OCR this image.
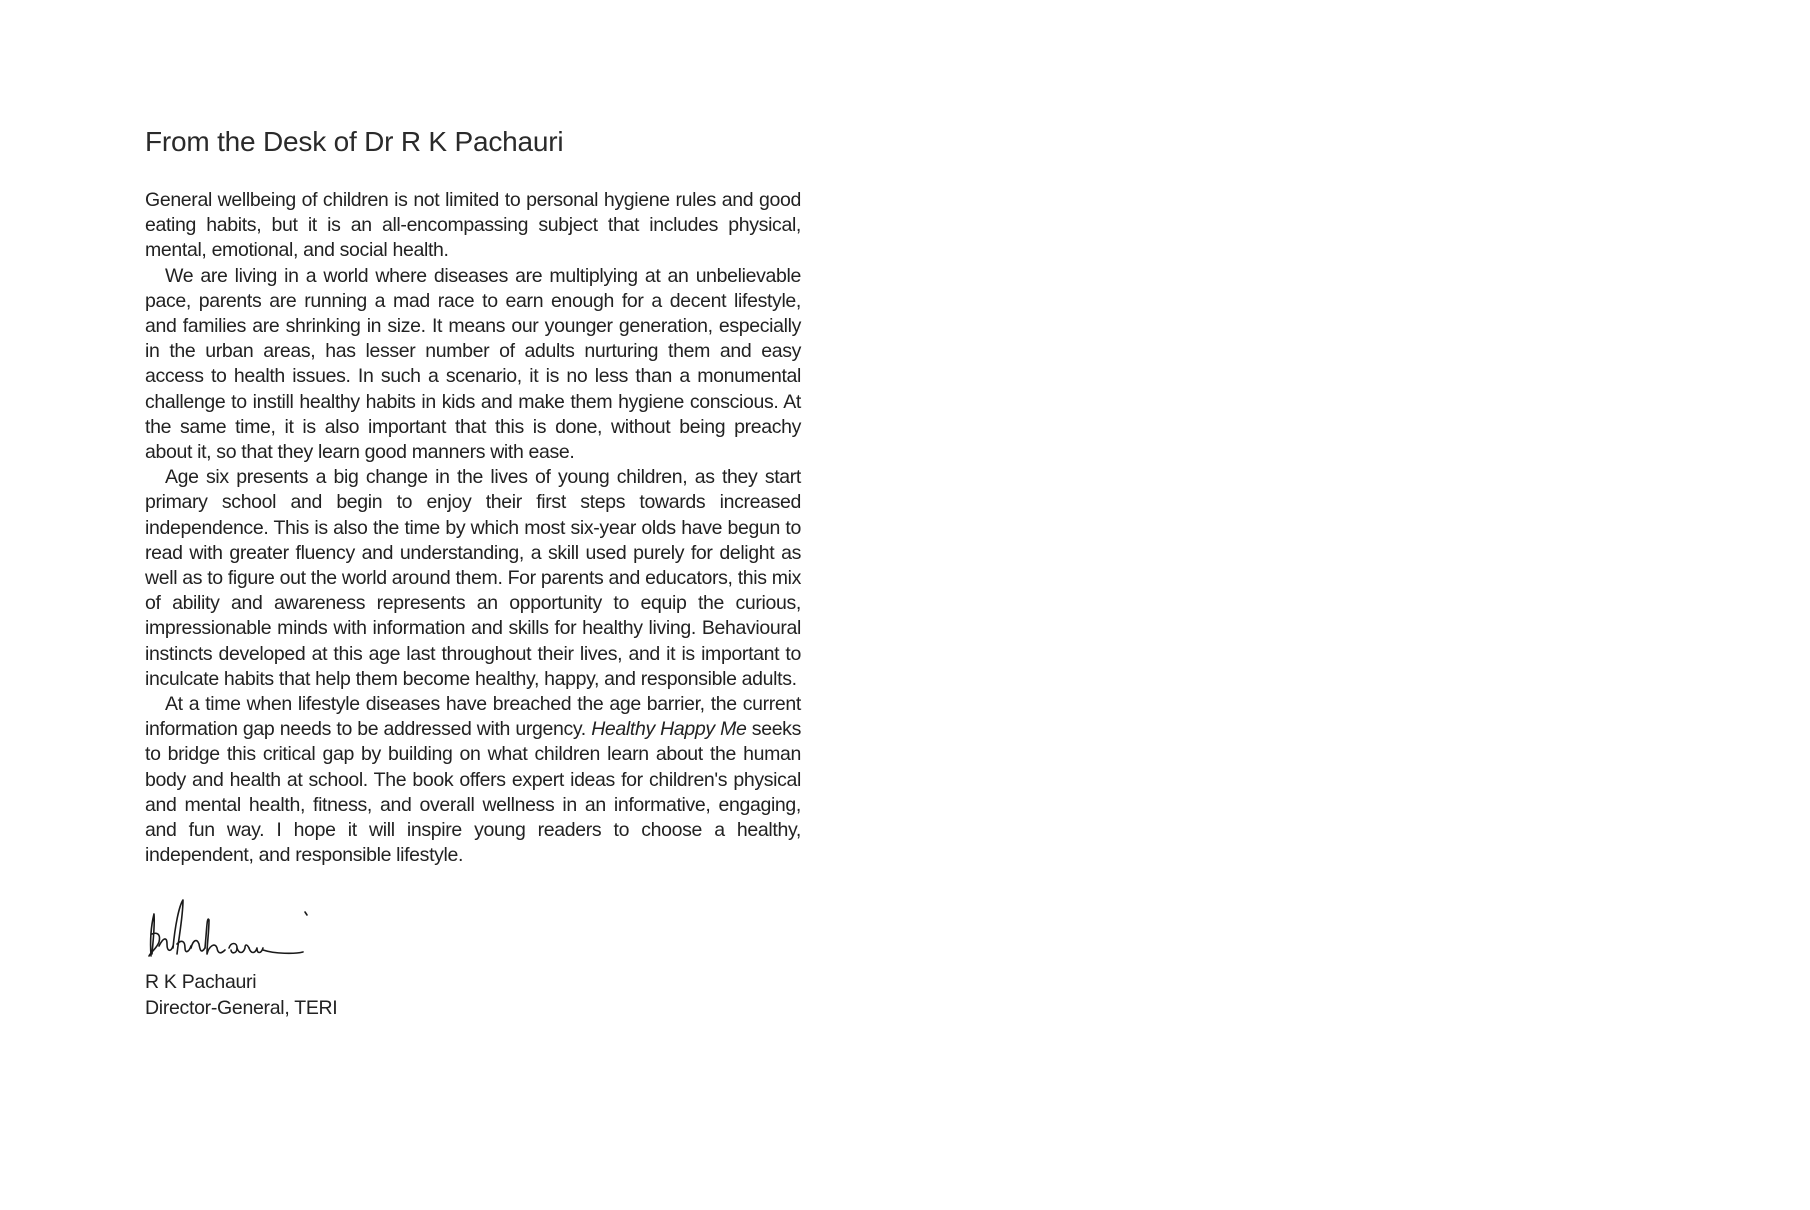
From the Desk of Dr R K Pachauri

General wellbeing of children is not limited to personal hygiene rules and good eating habits, but it is an all-encompassing subject that includes physical, mental, emotional, and social health.

We are living in a world where diseases are multiplying at an unbelievable pace, parents are running a mad race to earn enough for a decent lifestyle, and families are shrinking in size. It means our younger generation, especially in the urban areas, has lesser number of adults nurturing them and easy access to health issues. In such a scenario, it is no less than a monumental challenge to instill healthy habits in kids and make them hygiene conscious. At the same time, it is also important that this is done, without being preachy about it, so that they learn good manners with ease.

Age six presents a big change in the lives of young children, as they start primary school and begin to enjoy their first steps towards increased independence. This is also the time by which most six-year olds have begun to read with greater fluency and understanding, a skill used purely for delight as well as to figure out the world around them. For parents and educators, this mix of ability and awareness represents an opportunity to equip the curious, impressionable minds with information and skills for healthy living. Behavioural instincts developed at this age last throughout their lives, and it is important to inculcate habits that help them become healthy, happy, and responsible adults.

At a time when lifestyle diseases have breached the age barrier, the current information gap needs to be addressed with urgency. Healthy Happy Me seeks to bridge this critical gap by building on what children learn about the human body and health at school. The book offers expert ideas for children's physical and mental health, fitness, and overall wellness in an informative, engaging, and fun way. I hope it will inspire young readers to choose a healthy, independent, and responsible lifestyle.

R K Pachauri
Director-General, TERI
